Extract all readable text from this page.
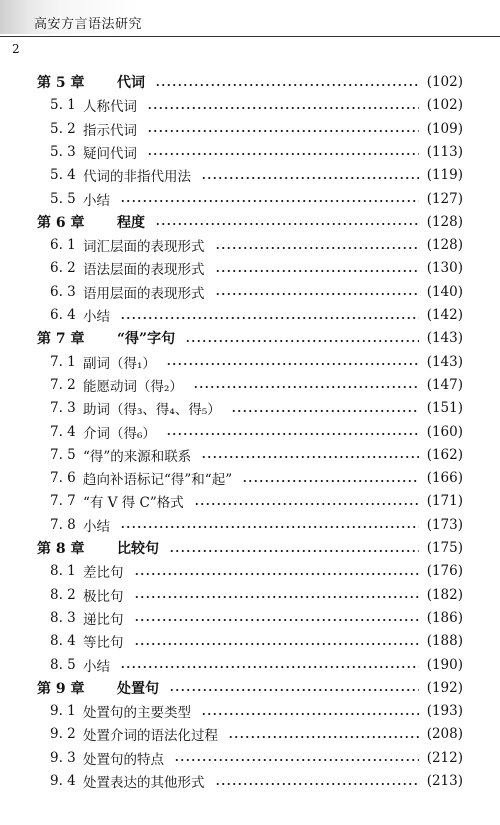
高安方言语法研究
2
第 5 章	代词	(102)
5. 1 人称代词	(102)
5. 2 指示代词	(109)
5. 3 疑问代词	(113)
5. 4 代词的非指代用法	(119)
5. 5 小结	(127)
第 6 章	程度	(128)
6. 1 词汇层面的表现形式	(128)
6. 2 语法层面的表现形式	(130)
6. 3 语用层面的表现形式	(140)
6. 4 小结	(142)
第 7 章	“得”字句	(143)
7. 1 副词（得₁）	(143)
7. 2 能愿动词（得₂）	(147)
7. 3 助词（得₃、得₄、得₅）	(151)
7. 4 介词（得₆）	(160)
7. 5 “得”的来源和联系	(162)
7. 6 趋向补语标记“得”和“起”	(166)
7. 7 “有 V 得 C”格式	(171)
7. 8 小结	(173)
第 8 章	比较句	(175)
8. 1 差比句	(176)
8. 2 极比句	(182)
8. 3 递比句	(186)
8. 4 等比句	(188)
8. 5 小结	(190)
第 9 章	处置句	(192)
9. 1 处置句的主要类型	(193)
9. 2 处置介词的语法化过程	(208)
9. 3 处置句的特点	(212)
9. 4 处置表达的其他形式	(213)
